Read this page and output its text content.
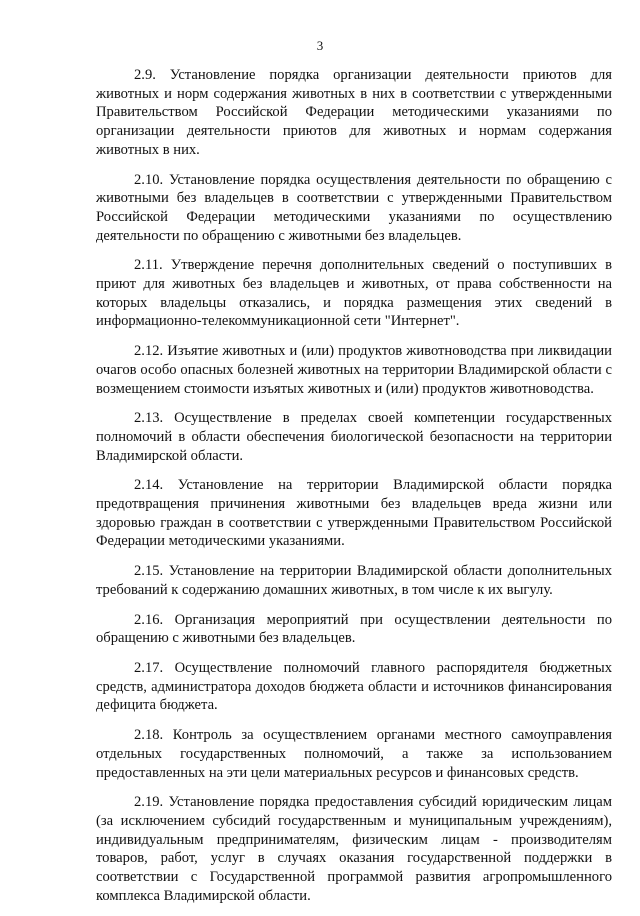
3

2.9. Установление порядка организации деятельности приютов для животных и норм содержания животных в них в соответствии с утвержденными Правительством Российской Федерации методическими указаниями по организации деятельности приютов для животных и нормам содержания животных в них.

2.10. Установление порядка осуществления деятельности по обращению с животными без владельцев в соответствии с утвержденными Правительством Российской Федерации методическими указаниями по осуществлению деятельности по обращению с животными без владельцев.

2.11. Утверждение перечня дополнительных сведений о поступивших в приют для животных без владельцев и животных, от права собственности на которых владельцы отказались, и порядка размещения этих сведений в информационно-телекоммуникационной сети "Интернет".

2.12. Изъятие животных и (или) продуктов животноводства при ликвидации очагов особо опасных болезней животных на территории Владимирской области с возмещением стоимости изъятых животных и (или) продуктов животноводства.

2.13. Осуществление в пределах своей компетенции государственных полномочий в области обеспечения биологической безопасности на территории Владимирской области.

2.14. Установление на территории Владимирской области порядка предотвращения причинения животными без владельцев вреда жизни или здоровью граждан в соответствии с утвержденными Правительством Российской Федерации методическими указаниями.

2.15. Установление на территории Владимирской области дополнительных требований к содержанию домашних животных, в том числе к их выгулу.

2.16. Организация мероприятий при осуществлении деятельности по обращению с животными без владельцев.

2.17. Осуществление полномочий главного распорядителя бюджетных средств, администратора доходов бюджета области и источников финансирования дефицита бюджета.

2.18. Контроль за осуществлением органами местного самоуправления отдельных государственных полномочий, а также за использованием предоставленных на эти цели материальных ресурсов и финансовых средств.

2.19. Установление порядка предоставления субсидий юридическим лицам (за исключением субсидий государственным и муниципальным учреждениям), индивидуальным предпринимателям, физическим лицам - производителям товаров, работ, услуг в случаях оказания государственной поддержки в соответствии с Государственной программой развития агропромышленного комплекса Владимирской области.
